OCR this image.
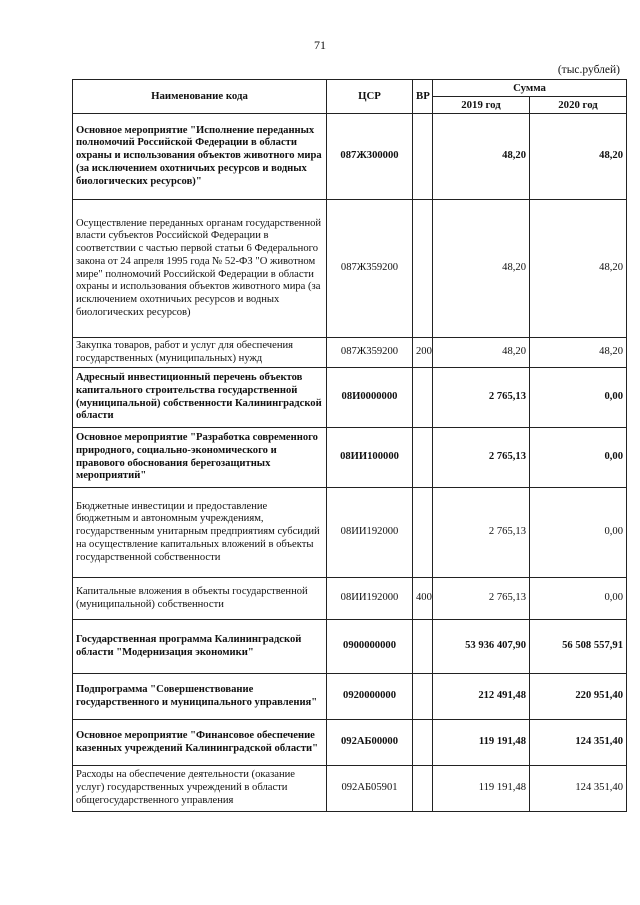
71
(тыс.рублей)
Наименование кода	ЦСР	ВР	Сумма	
			2019 год	2020 год
Основное мероприятие "Исполнение переданных полномочий Российской Федерации в области охраны и использования объектов животного мира (за исключением охотничьих ресурсов и водных биологических ресурсов)"	087Ж300000		48,20	48,20
Осуществление переданных органам государственной власти субъектов Российской Федерации в соответствии с частью первой статьи 6 Федерального закона от 24 апреля 1995 года № 52-ФЗ "О животном мире" полномочий Российской Федерации в области охраны и использования объектов животного мира (за исключением охотничьих ресурсов и водных биологических ресурсов)	087Ж359200		48,20	48,20
Закупка товаров, работ и услуг для обеспечения государственных (муниципальных) нужд	087Ж359200	200	48,20	48,20
Адресный инвестиционный перечень объектов капитального строительства государственной (муниципальной) собственности Калининградской области	08И0000000		2 765,13	0,00
Основное мероприятие "Разработка современного природного, социально-экономического и правового обоснования берегозащитных мероприятий"	08ИИ100000		2 765,13	0,00
Бюджетные инвестиции и предоставление бюджетным и автономным учреждениям, государственным унитарным предприятиям субсидий на осуществление капитальных вложений в объекты государственной собственности	08ИИ192000		2 765,13	0,00
Капитальные вложения в объекты государственной (муниципальной) собственности	08ИИ192000	400	2 765,13	0,00
Государственная программа Калининградской области "Модернизация экономики"	0900000000		53 936 407,90	56 508 557,91
Подпрограмма "Совершенствование государственного и муниципального управления"	0920000000		212 491,48	220 951,40
Основное мероприятие "Финансовое обеспечение казенных учреждений Калининградской области"	092АБ00000		119 191,48	124 351,40
Расходы на обеспечение деятельности (оказание услуг) государственных учреждений в области общегосударственного управления	092АБ05901		119 191,48	124 351,40
